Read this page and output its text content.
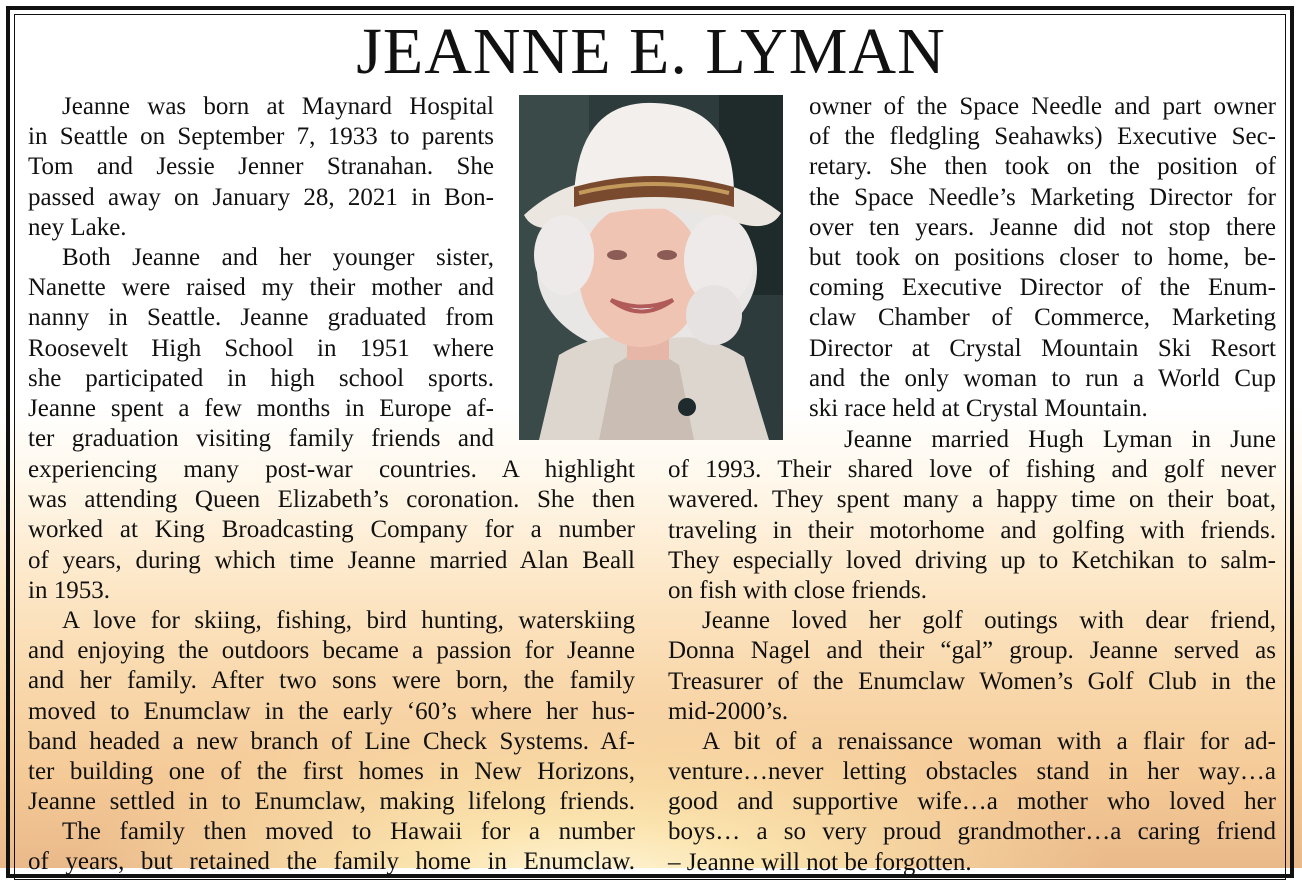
JEANNE E. LYMAN
Jeanne was born at Maynard Hospital
in Seattle on September 7, 1933 to parents
Tom and Jessie Jenner Stranahan. She
passed away on January 28, 2021 in Bon-
ney Lake.
Both Jeanne and her younger sister,
Nanette were raised my their mother and
nanny in Seattle. Jeanne graduated from
Roosevelt High School in 1951 where
she participated in high school sports.
Jeanne spent a few months in Europe af-
ter graduation visiting family friends and
experiencing many post-war countries. A highlight
was attending Queen Elizabeth’s coronation. She then
worked at King Broadcasting Company for a number
of years, during which time Jeanne married Alan Beall
in 1953.
A love for skiing, fishing, bird hunting, waterskiing
and enjoying the outdoors became a passion for Jeanne
and her family. After two sons were born, the family
moved to Enumclaw in the early ‘60’s where her hus-
band headed a new branch of Line Check Systems. Af-
ter building one of the first homes in New Horizons,
Jeanne settled in to Enumclaw, making lifelong friends.
The family then moved to Hawaii for a number
of years, but retained the family home in Enumclaw.
owner of the Space Needle and part owner
of the fledgling Seahawks) Executive Sec-
retary. She then took on the position of
the Space Needle’s Marketing Director for
over ten years. Jeanne did not stop there
but took on positions closer to home, be-
coming Executive Director of the Enum-
claw Chamber of Commerce, Marketing
Director at Crystal Mountain Ski Resort
and the only woman to run a World Cup
ski race held at Crystal Mountain.
Jeanne married Hugh Lyman in June
of 1993. Their shared love of fishing and golf never
wavered. They spent many a happy time on their boat,
traveling in their motorhome and golfing with friends.
They especially loved driving up to Ketchikan to salm-
on fish with close friends.
Jeanne loved her golf outings with dear friend,
Donna Nagel and their “gal” group. Jeanne served as
Treasurer of the Enumclaw Women’s Golf Club in the
mid-2000’s.
A bit of a renaissance woman with a flair for ad-
venture…never letting obstacles stand in her way…a
good and supportive wife…a mother who loved her
boys… a so very proud grandmother…a caring friend
– Jeanne will not be forgotten.
